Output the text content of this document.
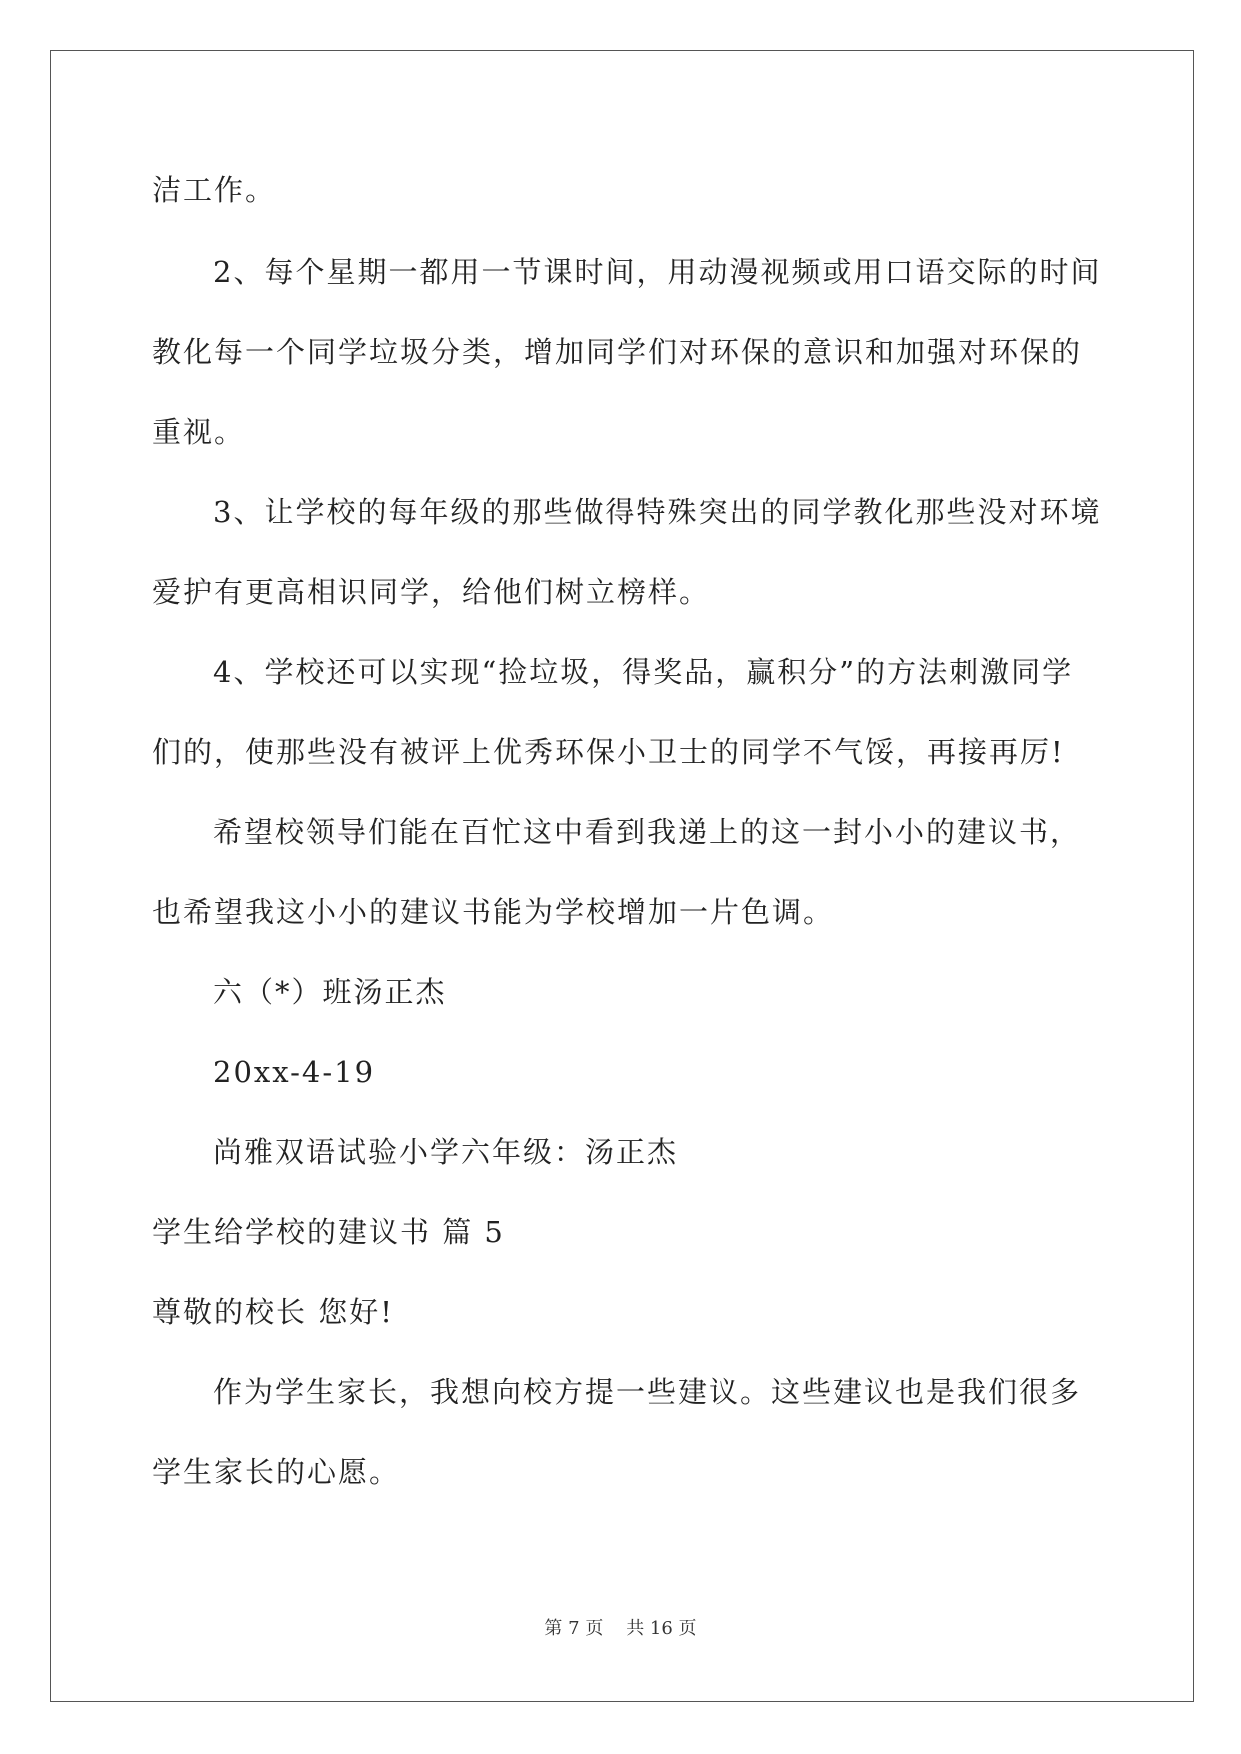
洁工作。
2、每个星期一都用一节课时间，用动漫视频或用口语交际的时间
教化每一个同学垃圾分类，增加同学们对环保的意识和加强对环保的
重视。
3、让学校的每年级的那些做得特殊突出的同学教化那些没对环境
爱护有更高相识同学，给他们树立榜样。
4、学校还可以实现“捡垃圾，得奖品，赢积分”的方法刺激同学
们的，使那些没有被评上优秀环保小卫士的同学不气馁，再接再厉!
希望校领导们能在百忙这中看到我递上的这一封小小的建议书，
也希望我这小小的建议书能为学校增加一片色调。
六（*）班汤正杰
20xx-4-19
尚雅双语试验小学六年级：汤正杰
学生给学校的建议书 篇 5
尊敬的校长 您好!
作为学生家长，我想向校方提一些建议。这些建议也是我们很多
学生家长的心愿。
第 7 页    共 16 页
